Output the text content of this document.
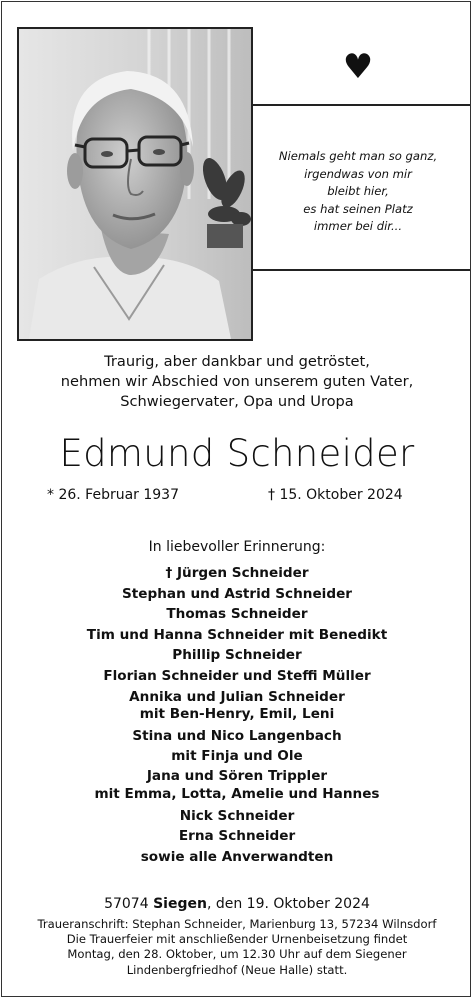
♥
Niemals geht man so ganz,
irgendwas von mir
bleibt hier,
es hat seinen Platz
immer bei dir...
Traurig, aber dankbar und getröstet,
nehmen wir Abschied von unserem guten Vater,
Schwiegervater, Opa und Uropa
Edmund Schneider
* 26. Februar 1937	† 15. Oktober 2024
In liebevoller Erinnerung:
† Jürgen Schneider
Stephan und Astrid Schneider
Thomas Schneider
Tim und Hanna Schneider mit Benedikt
Phillip Schneider
Florian Schneider und Steffi Müller
Annika und Julian Schneider
mit Ben-Henry, Emil, Leni
Stina und Nico Langenbach
mit Finja und Ole
Jana und Sören Trippler
mit Emma, Lotta, Amelie und Hannes
Nick Schneider
Erna Schneider
sowie alle Anverwandten
57074 Siegen, den 19. Oktober 2024
Traueranschrift: Stephan Schneider, Marienburg 13, 57234 Wilnsdorf
Die Trauerfeier mit anschließender Urnenbeisetzung findet
Montag, den 28. Oktober, um 12.30 Uhr auf dem Siegener
Lindenbergfriedhof (Neue Halle) statt.
